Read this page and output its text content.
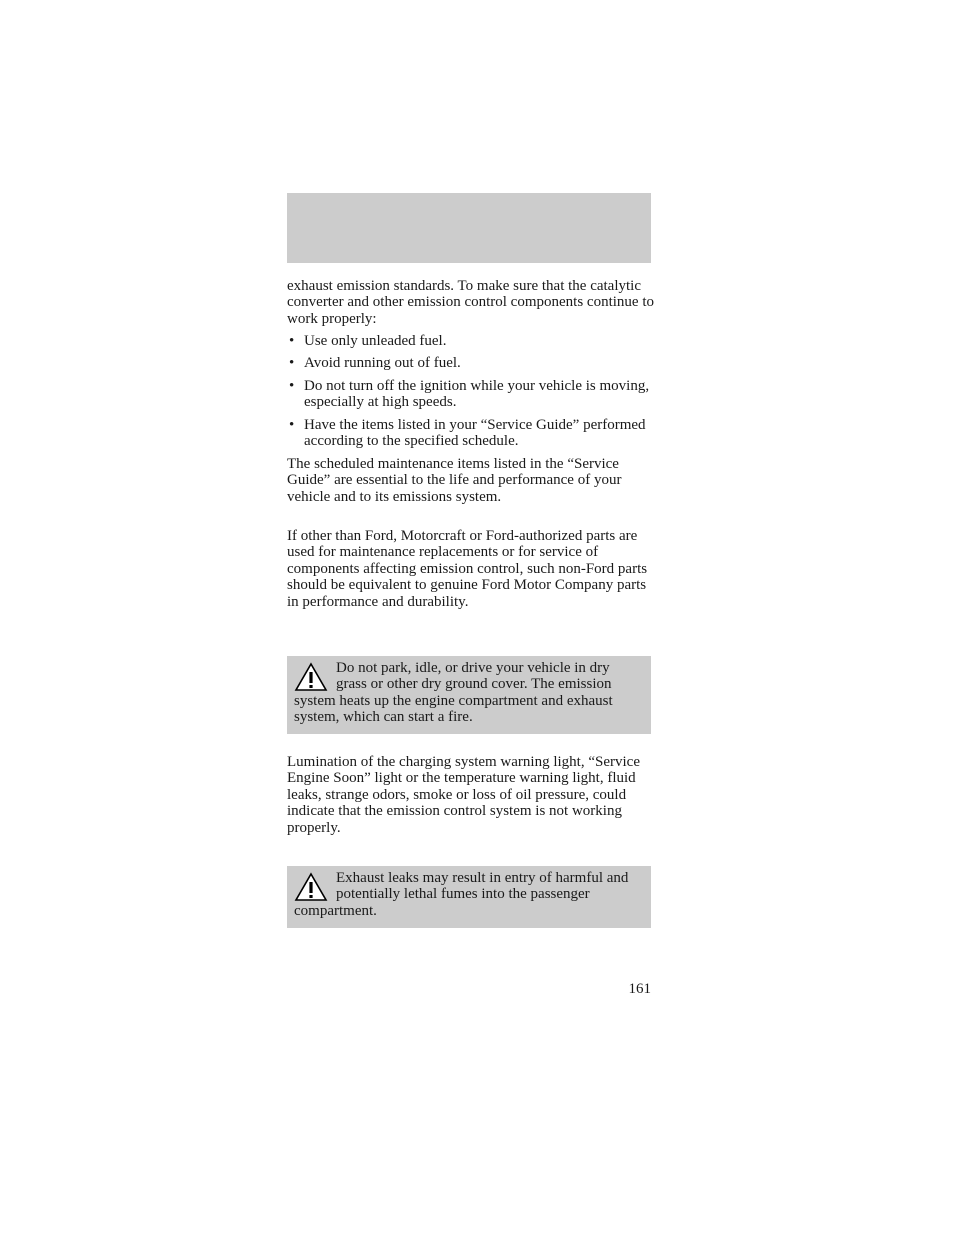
exhaust emission standards. To make sure that the catalytic converter and other emission control components continue to work properly:

• Use only unleaded fuel.
• Avoid running out of fuel.
• Do not turn off the ignition while your vehicle is moving, especially at high speeds.
• Have the items listed in your “Service Guide” performed according to the specified schedule.

The scheduled maintenance items listed in the “Service Guide” are essential to the life and performance of your vehicle and to its emissions system.

If other than Ford, Motorcraft or Ford-authorized parts are used for maintenance replacements or for service of components affecting emission control, such non-Ford parts should be equivalent to genuine Ford Motor Company parts in performance and durability.

Do not park, idle, or drive your vehicle in dry grass or other dry ground cover. The emission system heats up the engine compartment and exhaust system, which can start a fire.

Lumination of the charging system warning light, “Service Engine Soon” light or the temperature warning light, fluid leaks, strange odors, smoke or loss of oil pressure, could indicate that the emission control system is not working properly.

Exhaust leaks may result in entry of harmful and potentially lethal fumes into the passenger compartment.
161
